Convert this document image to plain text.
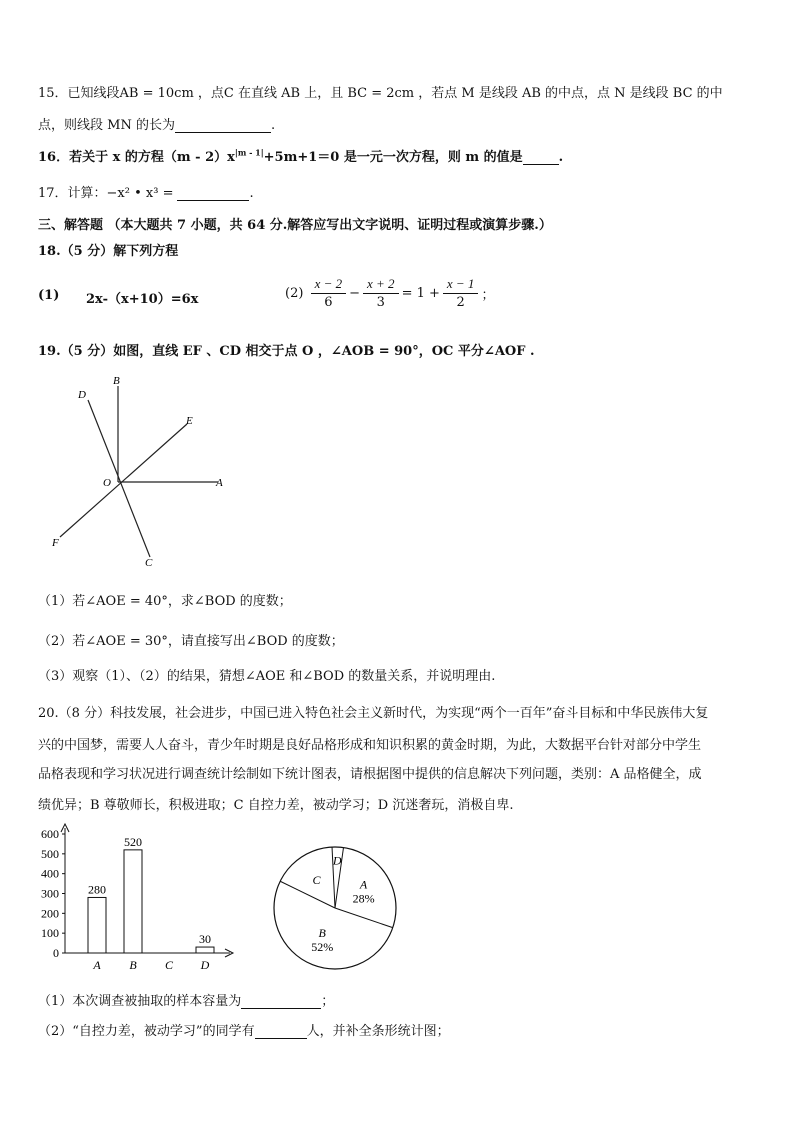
15．已知线段AB = 10cm ，点C 在直线 AB 上，且 BC = 2cm ，若点 M 是线段 AB 的中点，点 N 是线段 BC 的中
点，则线段 MN 的长为	.
16．若关于 x 的方程$(m - 2)x^{|m - 1|}+5m+1=0$ 是一元一次方程，则 m 的值是	.
17．计算：−x² • x³ =	.
三、解答题 （本大题共 7 小题，共 64 分.解答应写出文字说明、证明过程或演算步骤.）
18.（5 分）解下列方程
(1) 2x-（x+10）=6x	$(2) \frac{x - 2}{6} - \frac{x + 2}{3} = 1 + \frac{x - 1}{2}$ ；
19.（5 分）如图，直线 EF 、CD 相交于点 O ，∠AOB = 90°，OC 平分∠AOF .
B
D
E
O	A
F
C
（1）若∠AOE = 40°，求∠BOD 的度数；
（2）若∠AOE = 30°，请直接写出∠BOD 的度数；
（3）观察（1）、（2）的结果，猜想∠AOE 和∠BOD 的数量关系，并说明理由.
20.（8 分）科技发展，社会进步，中国已进入特色社会主义新时代，为实现“两个一百年”奋斗目标和中华民族伟大复
兴的中国梦，需要人人奋斗，青少年时期是良好品格形成和知识积累的黄金时期，为此，大数据平台针对部分中学生
品格表现和学习状况进行调查统计绘制如下统计图表，请根据图中提供的信息解决下列问题，类别：A 品格健全，成
绩优异；B 尊敬师长，积极进取；C 自控力差，被动学习；D 沉迷奢玩，消极自卑.
0
100
200
300
400
500
600
280
A
520
B C
30
D
A
28%
B
52%
C
D
（1）本次调查被抽取的样本容量为	；
（2）“自控力差，被动学习”的同学有	人，并补全条形统计图；
